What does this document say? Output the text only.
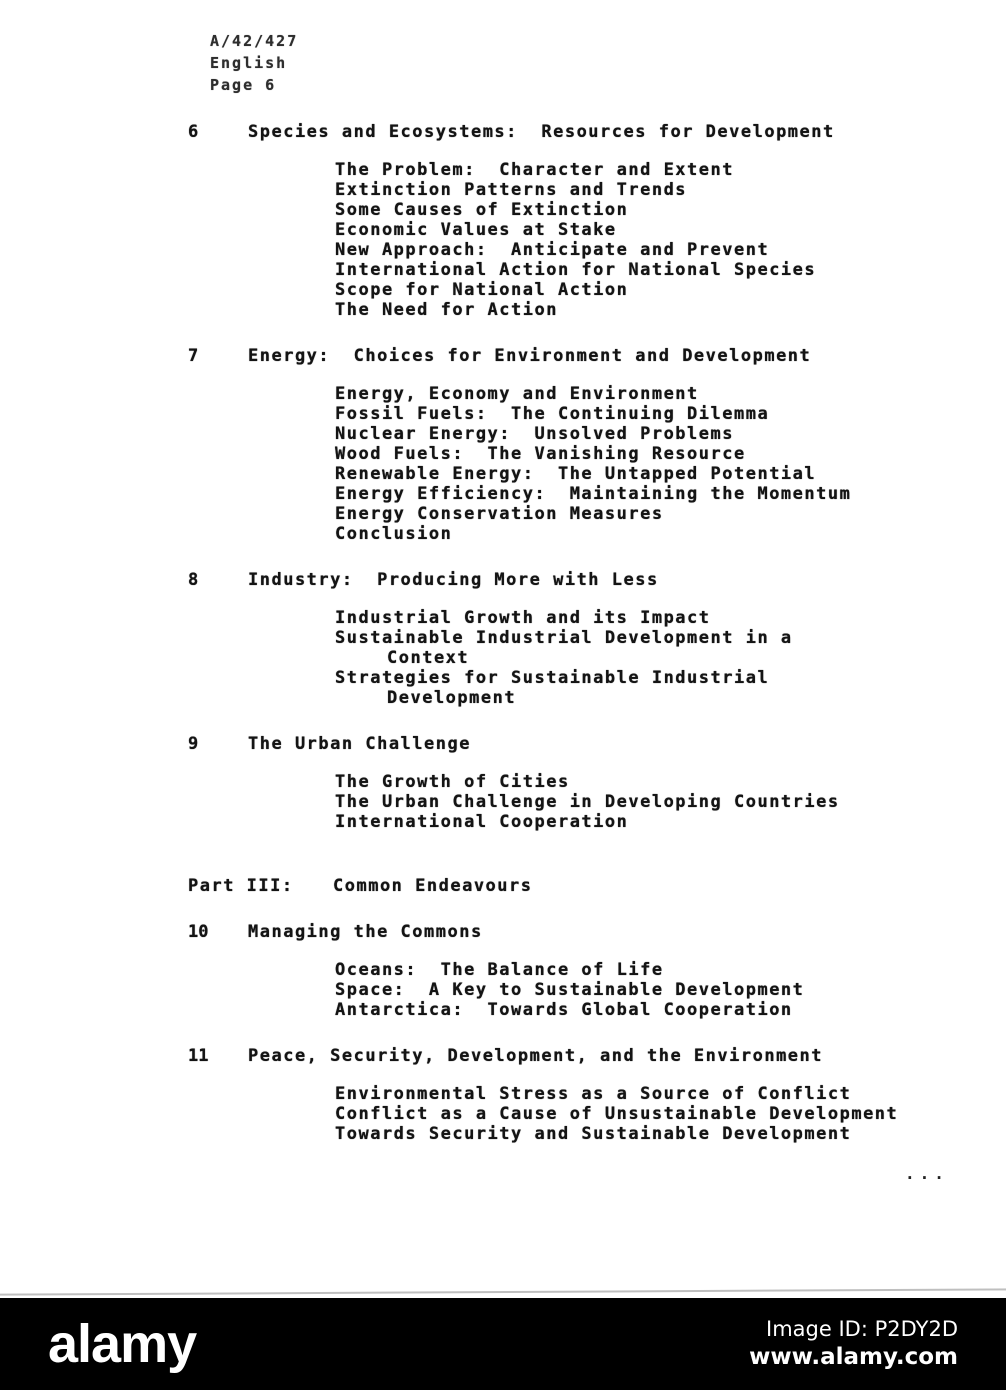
A/42/427
English
Page 6
6	Species and Ecosystems:  Resources for Development
The Problem:  Character and Extent
Extinction Patterns and Trends
Some Causes of Extinction
Economic Values at Stake
New Approach:  Anticipate and Prevent
International Action for National Species
Scope for National Action
The Need for Action
7	Energy:  Choices for Environment and Development
Energy, Economy and Environment
Fossil Fuels:  The Continuing Dilemma
Nuclear Energy:  Unsolved Problems
Wood Fuels:  The Vanishing Resource
Renewable Energy:  The Untapped Potential
Energy Efficiency:  Maintaining the Momentum
Energy Conservation Measures
Conclusion
8	Industry:  Producing More with Less
Industrial Growth and its Impact
Sustainable Industrial Development in a
Context
Strategies for Sustainable Industrial
Development
9	The Urban Challenge
The Growth of Cities
The Urban Challenge in Developing Countries
International Cooperation
Part III:	Common Endeavours
10	Managing the Commons
Oceans:  The Balance of Life
Space:  A Key to Sustainable Development
Antarctica:  Towards Global Cooperation
11	Peace, Security, Development, and the Environment
Environmental Stress as a Source of Conflict
Conflict as a Cause of Unsustainable Development
Towards Security and Sustainable Development
...
alamy	Image ID: P2DY2D
www.alamy.com
